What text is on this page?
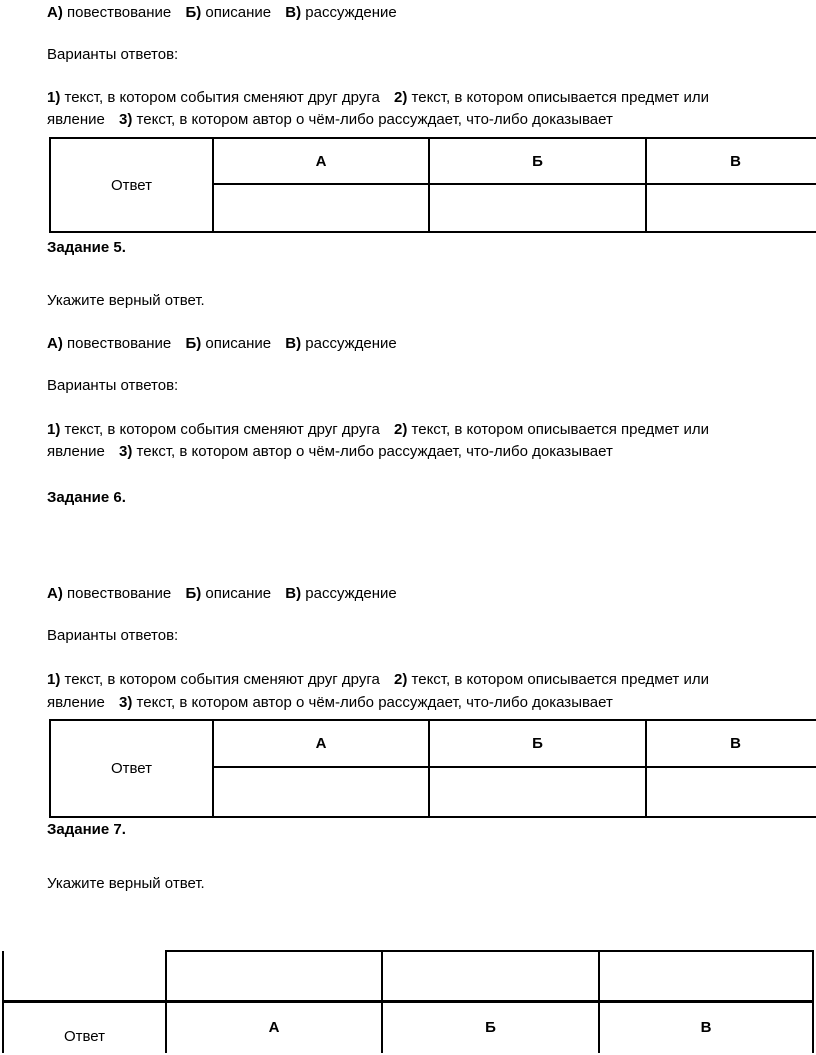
А) повествование Б) описание В) рассуждение
Варианты ответов:
1) текст, в котором события сменяют друг друга 2) текст, в котором описывается предмет или
явление 3) текст, в котором автор о чём-либо рассуждает, что-либо доказывает
Ответ	А	Б	В

Задание 5.
Укажите верный ответ.
А) повествование Б) описание В) рассуждение
Варианты ответов:
1) текст, в котором события сменяют друг друга 2) текст, в котором описывается предмет или
явление 3) текст, в котором автор о чём-либо рассуждает, что-либо доказывает
Задание 6.
А) повествование Б) описание В) рассуждение
Варианты ответов:
1) текст, в котором события сменяют друг друга 2) текст, в котором описывается предмет или
явление 3) текст, в котором автор о чём-либо рассуждает, что-либо доказывает
Ответ	А	Б	В

Задание 7.
Укажите верный ответ.

Ответ	А	Б	В
